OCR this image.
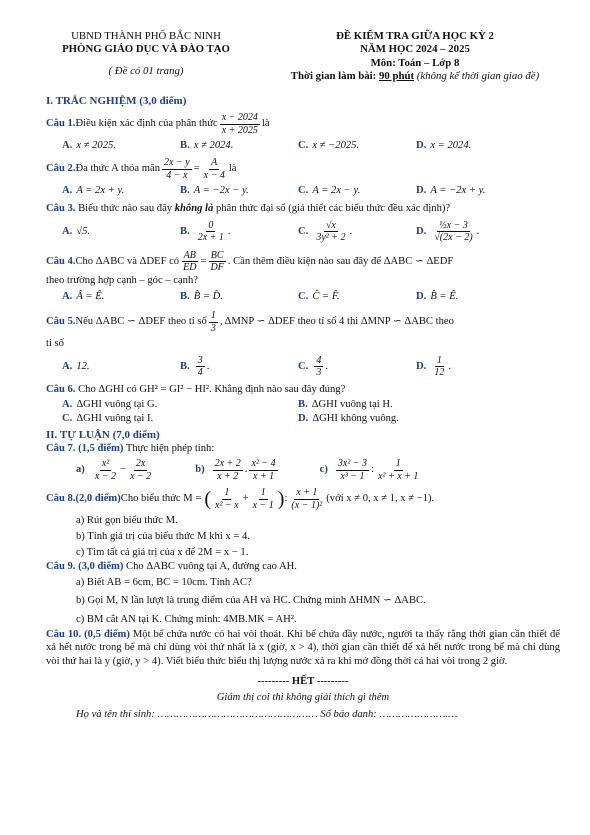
UBND THÀNH PHỐ BẮC NINH
PHÒNG GIÁO DỤC VÀ ĐÀO TẠO
( Đề có 01 trang)
ĐỀ KIỂM TRA GIỮA HỌC KỲ 2
NĂM HỌC 2024 – 2025
Môn: Toán – Lớp 8
Thời gian làm bài: 90 phút (không kể thời gian giao đề)
I. TRẮC NGHIỆM (3,0 điểm)
Câu 1. Điều kiện xác định của phân thức $\frac{x - 2024}{x + 2025}$ là
A. x ≠ 2025.	B. x ≠ 2024.	C. x ≠ −2025.	D. x = 2024.
Câu 2. Đa thức A thỏa mãn $\frac{2x - y}{4 - x} = \frac{A}{x - 4}$ là
A. A = 2x + y.	B. A = −2x − y.	C. A = 2x − y.	D. A = −2x + y.
Câu 3. Biểu thức nào sau đây không là phân thức đại số (giả thiết các biểu thức đều xác định)?
A. √5.	B. $\frac{0}{2x + 1}$ .	C. $\frac{√x}{\text{3y² + 2}}$ .	D. $\frac{\text{½x − 3}}{√(2x - 2)}$ .
Câu 4. Cho ΔABC và ΔDEF có $\frac{AB}{ED} = \frac{BC}{DF}$ . Cần thêm điều kiện nào sau đây để ΔABC ∽ ΔEDF
theo trường hợp cạnh – góc – cạnh?
A. Â = Ê.	B. B̂ = D̂.	C. Ĉ = F̂.	D. B̂ = Ê.
Câu 5. Nếu ΔABC ∽ ΔDEF theo tỉ số $\frac{1}{3}$ , ΔMNP ∽ ΔDEF theo tỉ số 4 thì ΔMNP ∽ ΔABC theo
tỉ số
A. 12.	B. $\frac{3}{4}$ .	C. $\frac{4}{3}$ .	D. $\frac{1}{12}$ .
Câu 6. Cho ΔGHI có GH² = GI² − HI². Khẳng định nào sau đây đúng?
A. ΔGHI vuông tại G.	B. ΔGHI vuông tại H.
C. ΔGHI vuông tại I.	D. ΔGHI không vuông.
II. TỰ LUẬN (7,0 điểm)
Câu 7. (1,5 điểm) Thực hiện phép tính:
$a) \frac{\text{x²}}{x - 2} - \frac{2x}{x - 2}$	$b) \frac{2x + 2}{x + 2}$ . $\frac{\text{x² − 4}}{x + 1}$	$c) \frac{\text{3x² − 3}}{\text{x³ − 1}}$ : $\frac{1}{\text{x² + x + 1}}$
Câu 8. (2,0 điểm) Cho biểu thức M = ( $\frac{1}{\text{x² − x}} + \frac{1}{x - 1}$ ) : $\frac{x + 1}{\text{(x − 1)²}}$ (với x ≠ 0, x ≠ 1, x ≠ −1).
a) Rút gọn biểu thức M.
b) Tính giá trị của biểu thức M khi x = 4.
c) Tìm tất cả giá trị của x để 2M = x − 1.
Câu 9. (3,0 điểm) Cho ΔABC vuông tại A, đường cao AH.
a) Biết AB = 6cm, BC = 10cm. Tính AC?
b) Gọi M, N lần lượt là trung điểm của AH và HC. Chứng minh ΔHMN ∽ ΔABC.
c) BM cắt AN tại K. Chứng minh: 4MB.MK = AH².
Câu 10. (0,5 điểm) Một bể chứa nước có hai vòi thoát. Khi bể chứa đầy nước, người ta thấy rằng thời gian cần thiết để xả hết nước trong bể mà chỉ dùng vòi thứ nhất là x (giờ, x > 4), thời gian cần thiết để xả hết nước trong bể mà chỉ dùng vòi thứ hai là y (giờ, y > 4). Viết biểu thức biểu thị lượng nước xả ra khi mở đồng thời cả hai vòi trong 2 giờ.
--------- HẾT ---------
Giám thị coi thi không giải thích gì thêm
Họ và tên thí sinh: …………………………………………… Số báo danh: ………………….…
